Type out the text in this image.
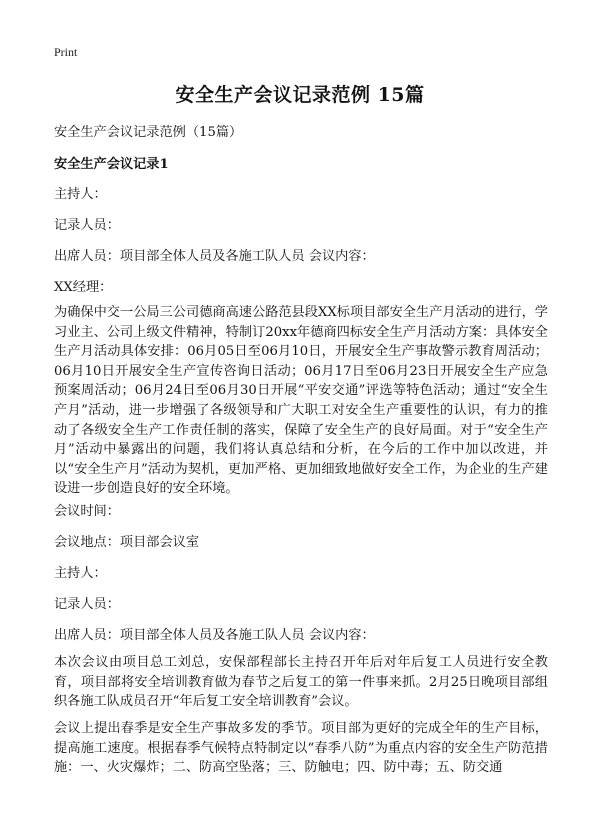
Print
安全生产会议记录范例 15篇
安全生产会议记录范例（15篇）
安全生产会议记录1
主持人：
记录人员：
出席人员：项目部全体人员及各施工队人员 会议内容：
XX经理：
为确保中交一公局三公司德商高速公路范县段XX标项目部安全生产月活动的进行，学习业主、公司上级文件精神，特制订20xx年德商四标安全生产月活动方案：具体安全生产月活动具体安排：06月05日至06月10日，开展安全生产事故警示教育周活动；06月10日开展安全生产宣传咨询日活动；06月17日至06月23日开展安全生产应急预案周活动；06月24日至06月30日开展“平安交通”评选等特色活动；通过“安全生产月”活动，进一步增强了各级领导和广大职工对安全生产重要性的认识，有力的推动了各级安全生产工作责任制的落实，保障了安全生产的良好局面。对于“安全生产月”活动中暴露出的问题，我们将认真总结和分析，在今后的工作中加以改进，并以“安全生产月”活动为契机，更加严格、更加细致地做好安全工作，为企业的生产建设进一步创造良好的安全环境。
会议时间：
会议地点：项目部会议室
主持人：
记录人员：
出席人员：项目部全体人员及各施工队人员 会议内容：
本次会议由项目总工刘总，安保部程部长主持召开年后对年后复工人员进行安全教育，项目部将安全培训教育做为春节之后复工的第一件事来抓。2月25日晚项目部组织各施工队成员召开“年后复工安全培训教育”会议。
会议上提出春季是安全生产事故多发的季节。项目部为更好的完成全年的生产目标，提高施工速度。根据春季气候特点特制定以“春季八防”为重点内容的安全生产防范措施：一、火灾爆炸；二、防高空坠落；三、防触电；四、防中毒；五、防交通
